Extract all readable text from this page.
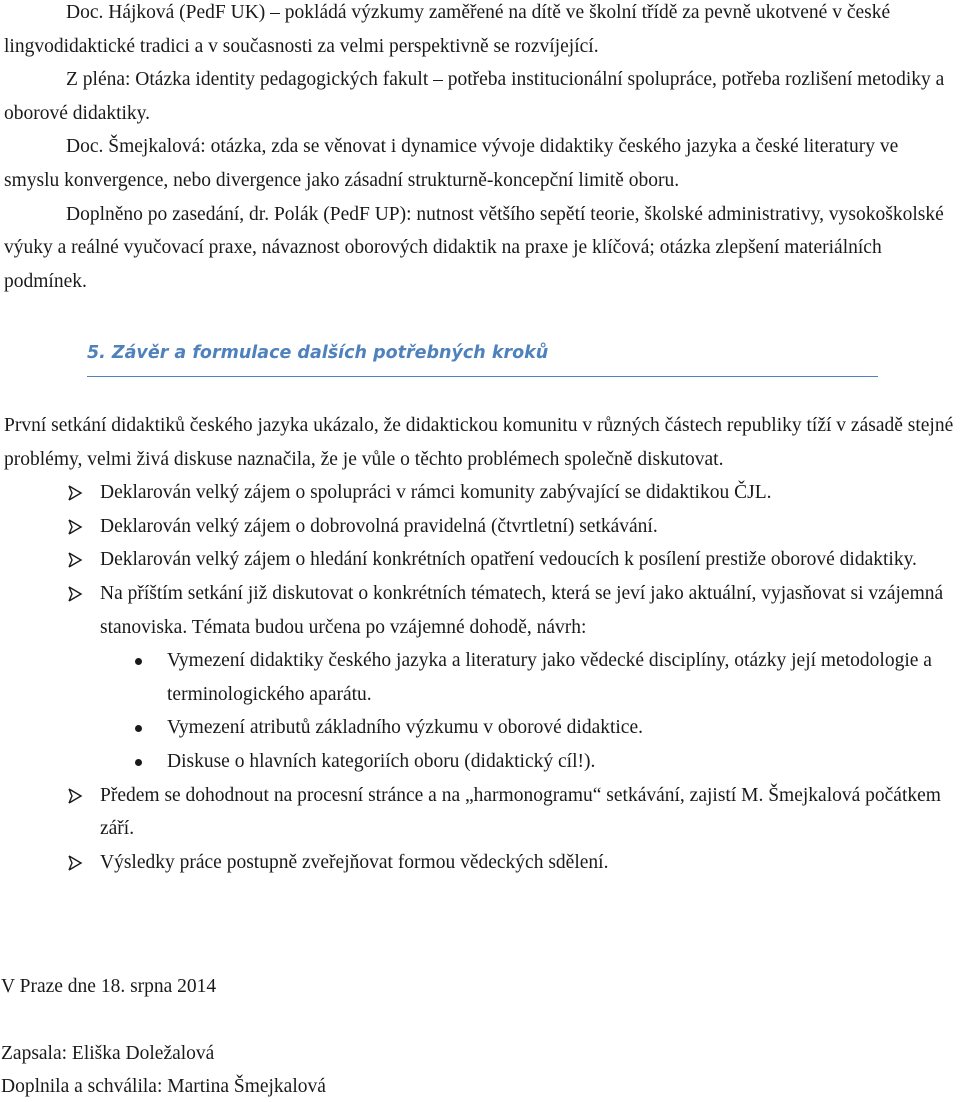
Doc. Hájková (PedF UK) – pokládá výzkumy zaměřené na dítě ve školní třídě za pevně ukotvené v české lingvodidaktické tradici a v současnosti za velmi perspektivně se rozvíjející.

Z pléna: Otázka identity pedagogických fakult – potřeba institucionální spolupráce, potřeba rozlišení metodiky a oborové didaktiky.

Doc. Šmejkalová: otázka, zda se věnovat i dynamice vývoje didaktiky českého jazyka a české literatury ve smyslu konvergence, nebo divergence jako zásadní strukturně-koncepční limitě oboru.

Doplněno po zasedání, dr. Polák (PedF UP): nutnost většího sepětí teorie, školské administrativy, vysokoškolské výuky a reálné vyučovací praxe, návaznost oborových didaktik na praxe je klíčová; otázka zlepšení materiálních podmínek.

5. Závěr a formulace dalších potřebných kroků

První setkání didaktiků českého jazyka ukázalo, že didaktickou komunitu v různých částech republiky tíží v zásadě stejné problémy, velmi živá diskuse naznačila, že je vůle o těchto problémech společně diskutovat.

Deklarován velký zájem o spolupráci v rámci komunity zabývající se didaktikou ČJL.
Deklarován velký zájem o dobrovolná pravidelná (čtvrtletní) setkávání.
Deklarován velký zájem o hledání konkrétních opatření vedoucích k posílení prestiže oborové didaktiky.
Na příštím setkání již diskutovat o konkrétních tématech, která se jeví jako aktuální, vyjasňovat si vzájemná stanoviska. Témata budou určena po vzájemné dohodě, návrh:
Vymezení didaktiky českého jazyka a literatury jako vědecké disciplíny, otázky její metodologie a terminologického aparátu.
Vymezení atributů základního výzkumu v oborové didaktice.
Diskuse o hlavních kategoriích oboru (didaktický cíl!).
Předem se dohodnout na procesní stránce a na „harmonogramu“ setkávání, zajistí M. Šmejkalová počátkem září.
Výsledky práce postupně zveřejňovat formou vědeckých sdělení.
V Praze dne 18. srpna 2014
Zapsala: Eliška Doležalová
Doplnila a schválila: Martina Šmejkalová
